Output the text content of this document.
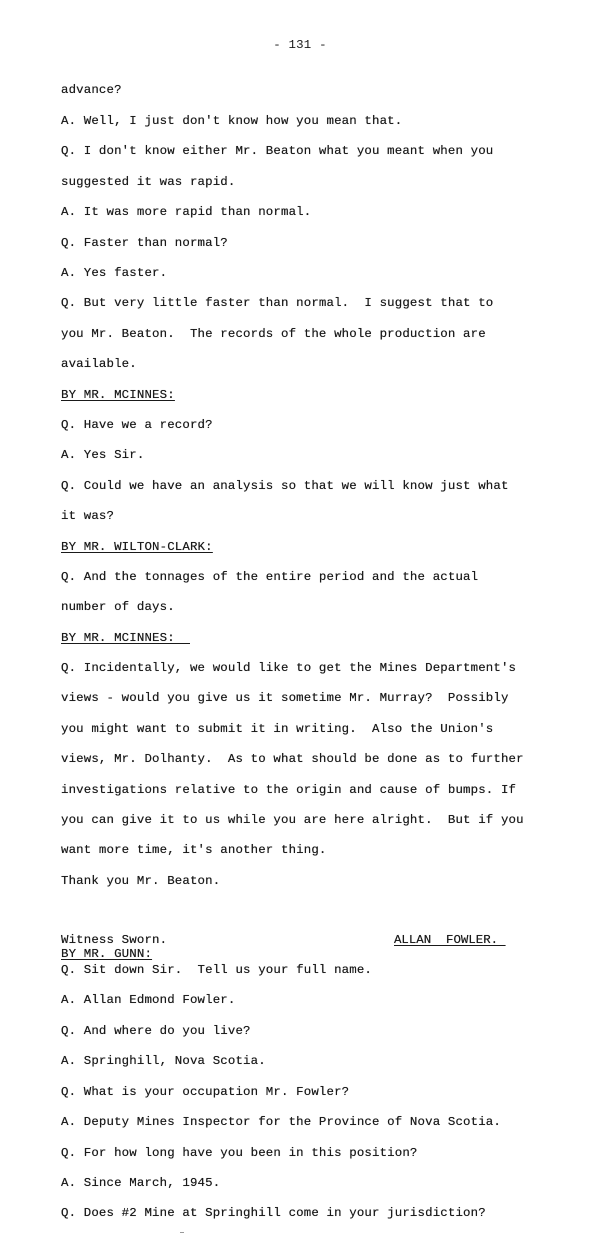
- 131 -
advance?
A. Well, I just don't know how you mean that.
Q. I don't know either Mr. Beaton what you meant when you
suggested it was rapid.
A. It was more rapid than normal.
Q. Faster than normal?
A. Yes faster.
Q. But very little faster than normal.  I suggest that to
you Mr. Beaton.  The records of the whole production are
available.
BY MR. MCINNES:
Q. Have we a record?
A. Yes Sir.
Q. Could we have an analysis so that we will know just what
it was?
BY MR. WILTON-CLARK:
Q. And the tonnages of the entire period and the actual
number of days.
BY MR. MCINNES:
Q. Incidentally, we would like to get the Mines Department's
views - would you give us it sometime Mr. Murray?  Possibly
you might want to submit it in writing.  Also the Union's
views, Mr. Dolhanty.  As to what should be done as to further
investigations relative to the origin and cause of bumps. If
you can give it to us while you are here alright.  But if you
want more time, it's another thing.
Thank you Mr. Beaton.
Witness Sworn.	ALLAN  FOWLER.
BY MR. GUNN:
Q. Sit down Sir.  Tell us your full name.
A. Allan Edmond Fowler.
Q. And where do you live?
A. Springhill, Nova Scotia.
Q. What is your occupation Mr. Fowler?
A. Deputy Mines Inspector for the Province of Nova Scotia.
Q. For how long have you been in this position?
A. Since March, 1945.
Q. Does #2 Mine at Springhill come in your jurisdiction?
